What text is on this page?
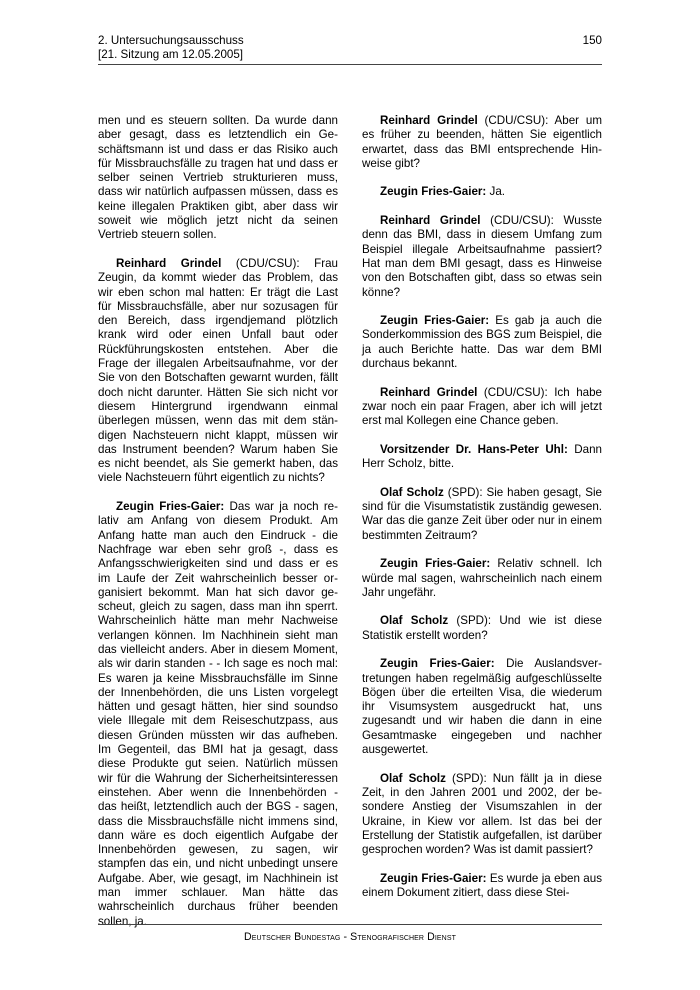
2. Untersuchungsausschuss
[21. Sitzung am 12.05.2005]
150

men und es steuern sollten. Da wurde dann aber gesagt, dass es letztendlich ein Geschäftsmann ist und dass er das Risiko auch für Missbrauchsfälle zu tragen hat und dass er selber seinen Vertrieb strukturieren muss, dass wir natürlich aufpassen müssen, dass es keine illegalen Praktiken gibt, aber dass wir soweit wie möglich jetzt nicht da seinen Vertrieb steuern sollen.

Reinhard Grindel (CDU/CSU): Frau Zeugin, da kommt wieder das Problem, das wir eben schon mal hatten: Er trägt die Last für Missbrauchsfälle, aber nur sozusagen für den Bereich, dass irgendjemand plötzlich krank wird oder einen Unfall baut oder Rückführungskosten entstehen. Aber die Frage der illegalen Arbeitsaufnahme, vor der Sie von den Botschaften gewarnt wurden, fällt doch nicht darunter. Hätten Sie sich nicht vor diesem Hintergrund irgendwann einmal überlegen müssen, wenn das mit dem ständigen Nachsteuern nicht klappt, müssen wir das Instrument beenden? Warum haben Sie es nicht beendet, als Sie gemerkt haben, das viele Nachsteuern führt eigentlich zu nichts?

Zeugin Fries-Gaier: Das war ja noch relativ am Anfang von diesem Produkt. Am Anfang hatte man auch den Eindruck - die Nachfrage war eben sehr groß -, dass es Anfangsschwierigkeiten sind und dass er es im Laufe der Zeit wahrscheinlich besser organisiert bekommt. Man hat sich davor gescheut, gleich zu sagen, dass man ihn sperrt. Wahrscheinlich hätte man mehr Nachweise verlangen können. Im Nachhinein sieht man das vielleicht anders. Aber in diesem Moment, als wir darin standen - - Ich sage es noch mal: Es waren ja keine Missbrauchsfälle im Sinne der Innenbehörden, die uns Listen vorgelegt hätten und gesagt hätten, hier sind soundso viele Illegale mit dem Reiseschutzpass, aus diesen Gründen müssten wir das aufheben. Im Gegenteil, das BMI hat ja gesagt, dass diese Produkte gut seien. Natürlich müssen wir für die Wahrung der Sicherheitsinteressen einstehen. Aber wenn die Innenbehörden - das heißt, letztendlich auch der BGS - sagen, dass die Missbrauchsfälle nicht immens sind, dann wäre es doch eigentlich Aufgabe der Innenbehörden gewesen, zu sagen, wir stampfen das ein, und nicht unbedingt unsere Aufgabe. Aber, wie gesagt, im Nachhinein ist man immer schlauer. Man hätte das wahrscheinlich durchaus früher beenden sollen, ja.

Reinhard Grindel (CDU/CSU): Aber um es früher zu beenden, hätten Sie eigentlich erwartet, dass das BMI entsprechende Hinweise gibt?

Zeugin Fries-Gaier: Ja.

Reinhard Grindel (CDU/CSU): Wusste denn das BMI, dass in diesem Umfang zum Beispiel illegale Arbeitsaufnahme passiert? Hat man dem BMI gesagt, dass es Hinweise von den Botschaften gibt, dass so etwas sein könne?

Zeugin Fries-Gaier: Es gab ja auch die Sonderkommission des BGS zum Beispiel, die ja auch Berichte hatte. Das war dem BMI durchaus bekannt.

Reinhard Grindel (CDU/CSU): Ich habe zwar noch ein paar Fragen, aber ich will jetzt erst mal Kollegen eine Chance geben.

Vorsitzender Dr. Hans-Peter Uhl: Dann Herr Scholz, bitte.

Olaf Scholz (SPD): Sie haben gesagt, Sie sind für die Visumstatistik zuständig gewesen. War das die ganze Zeit über oder nur in einem bestimmten Zeitraum?

Zeugin Fries-Gaier: Relativ schnell. Ich würde mal sagen, wahrscheinlich nach einem Jahr ungefähr.

Olaf Scholz (SPD): Und wie ist diese Statistik erstellt worden?

Zeugin Fries-Gaier: Die Auslandsvertretungen haben regelmäßig aufgeschlüsselte Bögen über die erteilten Visa, die wiederum ihr Visumsystem ausgedruckt hat, uns zugesandt und wir haben die dann in eine Gesamtmaske eingegeben und nachher ausgewertet.

Olaf Scholz (SPD): Nun fällt ja in diese Zeit, in den Jahren 2001 und 2002, der besondere Anstieg der Visumszahlen in der Ukraine, in Kiew vor allem. Ist das bei der Erstellung der Statistik aufgefallen, ist darüber gesprochen worden? Was ist damit passiert?

Zeugin Fries-Gaier: Es wurde ja eben aus einem Dokument zitiert, dass diese Stei-

Deutscher Bundestag - Stenografischer Dienst
